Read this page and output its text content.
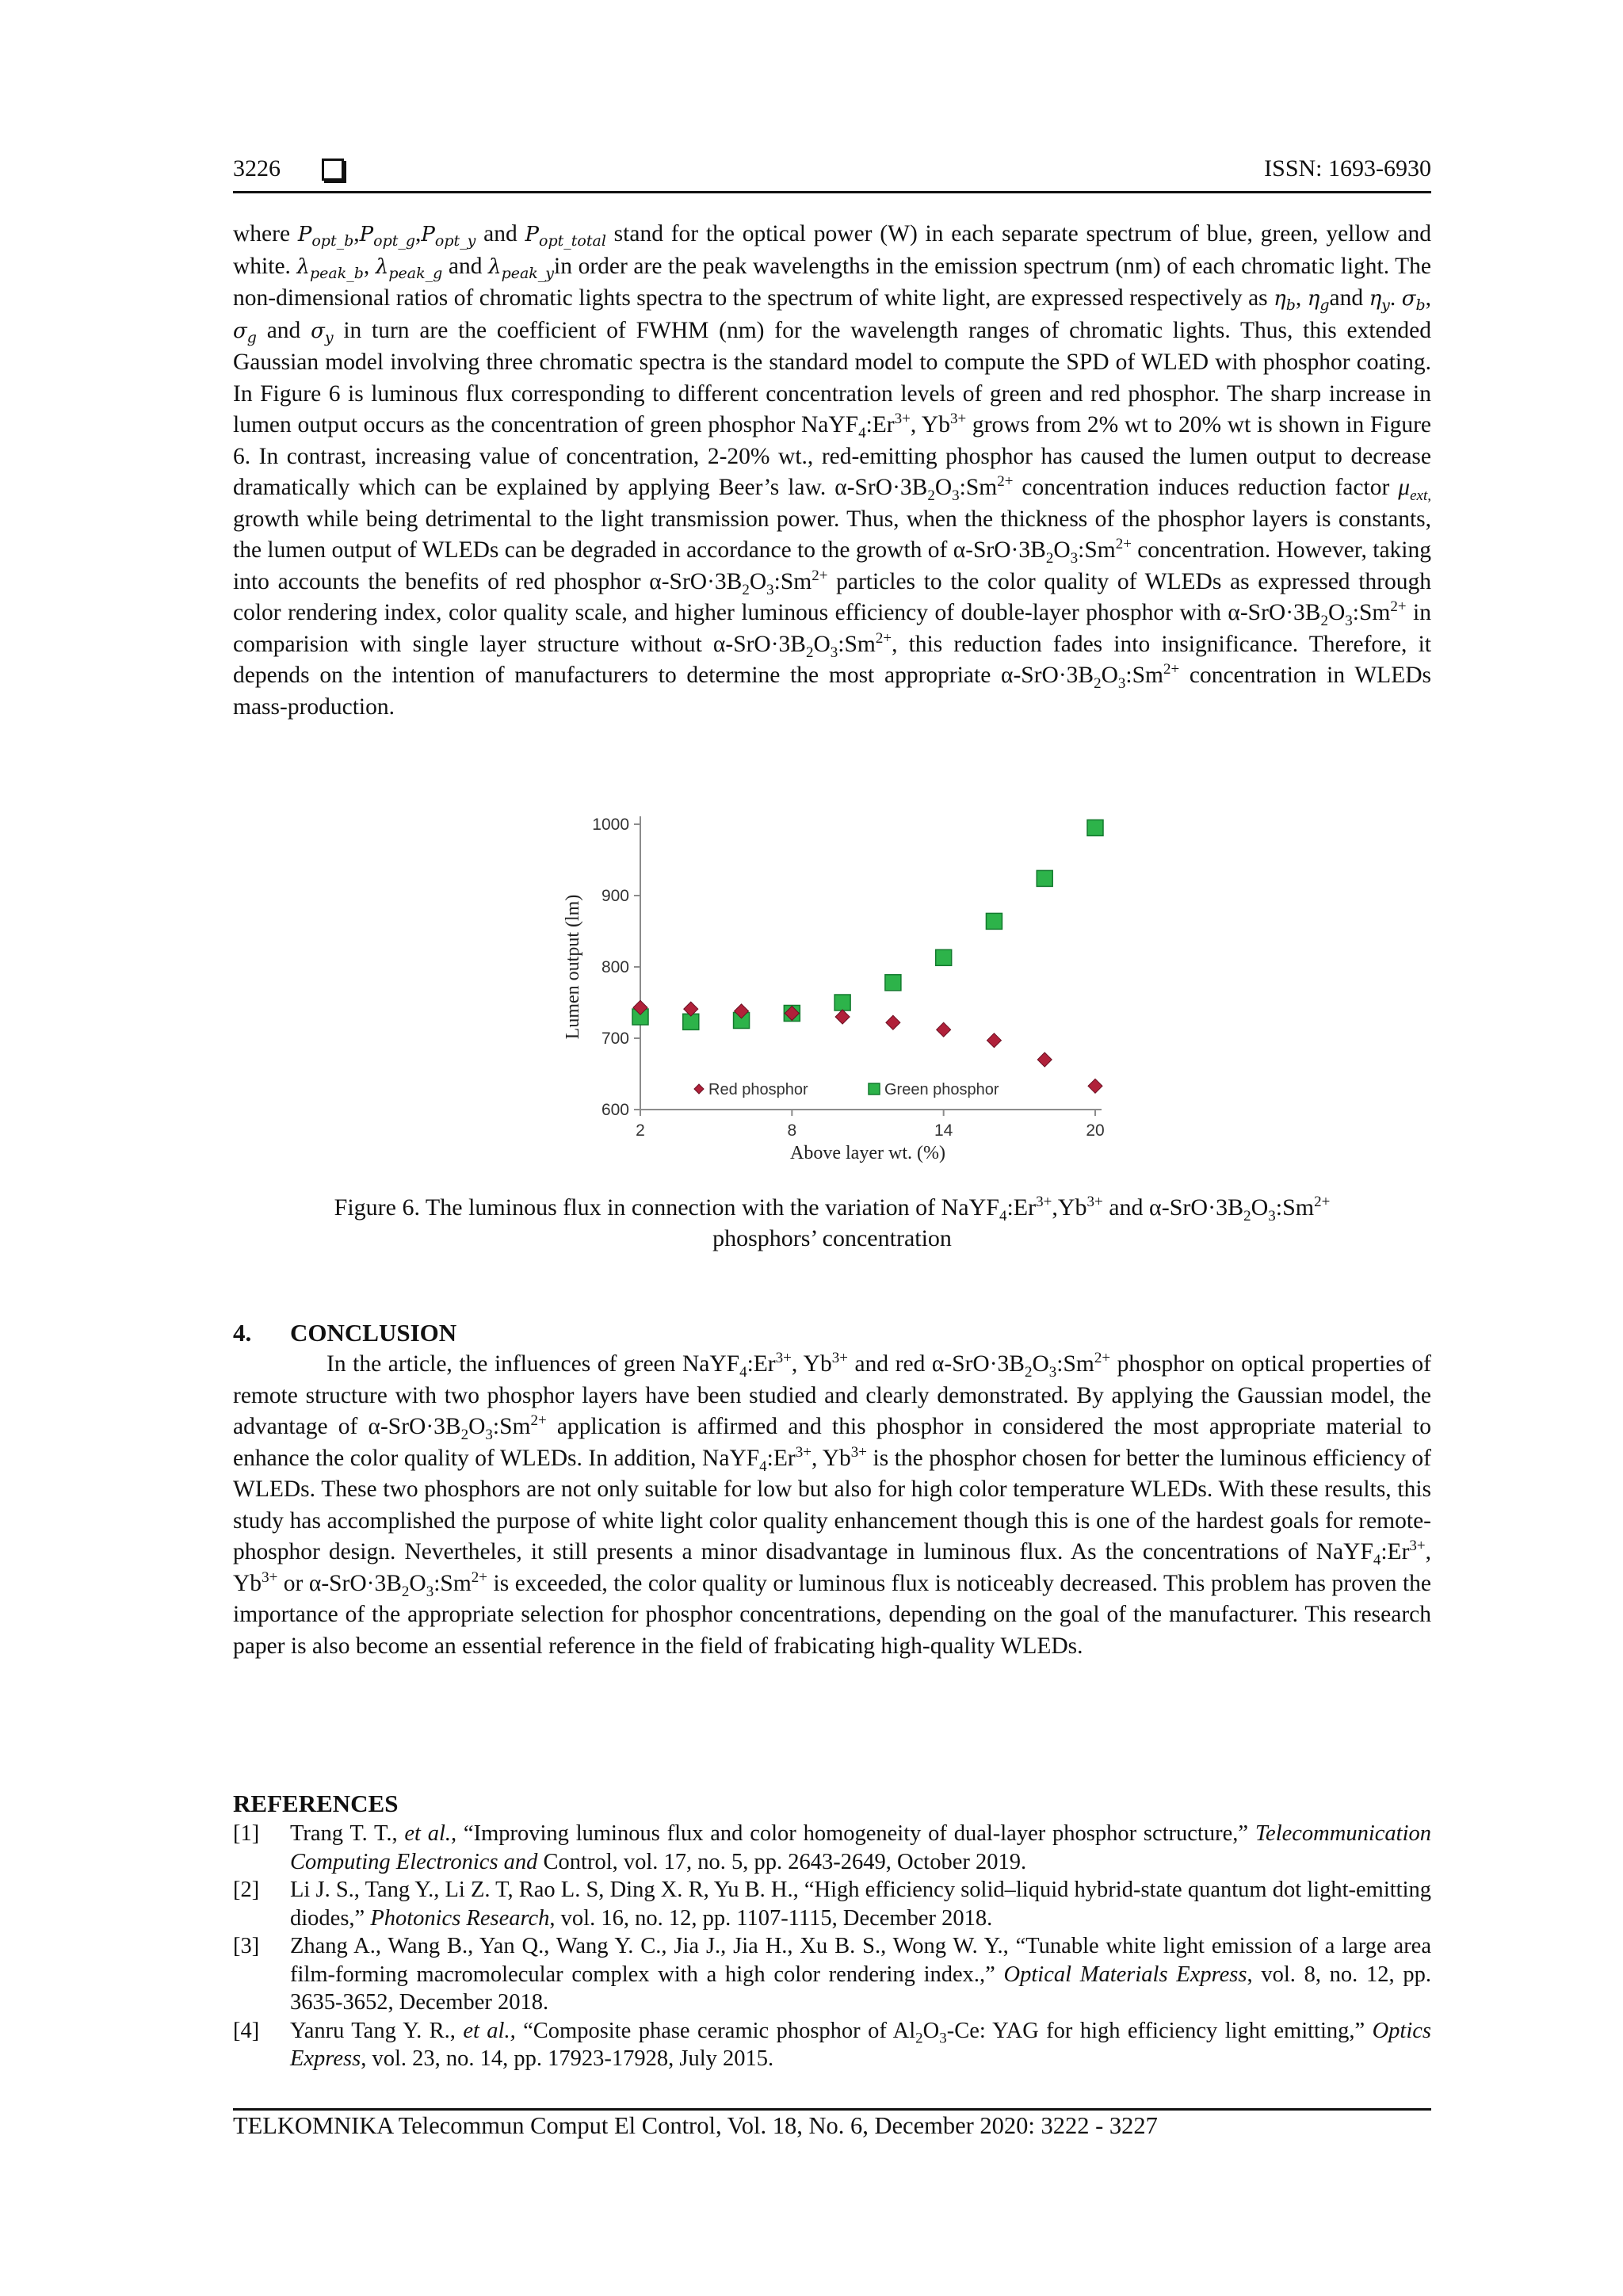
3226	ISSN: 1693-6930

where $P_{opt\_b},P_{opt\_g},P_{opt\_y}$ and $P_{opt\_total}$ stand for the optical power (W) in each separate spectrum of blue, green, yellow and white. $\lambda_{peak\_b}$, $\lambda_{peak\_g}$ and $\lambda_{peak\_y}in$ order are the peak wavelengths in the emission spectrum (nm) of each chromatic light. The non-dimensional ratios of chromatic lights spectra to the spectrum of white light, are expressed respectively as $\eta_b$, $\eta_gand$ $\eta_y$. $\sigma_b$, $\sigma_g$ and $\sigma_y$ in turn are the coefficient of FWHM (nm) for the wavelength ranges of chromatic lights. Thus, this extended Gaussian model involving three chromatic spectra is the standard model to compute the SPD of WLED with phosphor coating. In Figure 6 is luminous flux corresponding to different concentration levels of green and red phosphor. The sharp increase in lumen output occurs as the concentration of green phosphor $NaYF_4:Er^{3+}$, $Yb^{3+}$ grows from 2% wt to 20% wt is shown in Figure 6. In contrast, increasing value of concentration, 2-20% wt., red-emitting phosphor has caused the lumen output to decrease dramatically which can be explained by applying Beer’s law. $\alpha-SrO\cdot 3B_2O_3:Sm^{2+}$ concentration induces reduction factor $\mu_{ext,}$ growth while being detrimental to the light transmission power. Thus, when the thickness of the phosphor layers is constants, the lumen output of WLEDs can be degraded in accordance to the growth of $\alpha-SrO\cdot 3B_2O_3:Sm^{2+}$ concentration. However, taking into accounts the benefits of red phosphor $\alpha-SrO\cdot 3B_2O_3:Sm^{2+}$ particles to the color quality of WLEDs as expressed through color rendering index, color quality scale, and higher luminous efficiency of double-layer phosphor with $\alpha-SrO\cdot 3B_2O_3:Sm^{2+}$ in comparision with single layer structure without $\alpha-SrO\cdot 3B_2O_3:Sm^{2+}$, this reduction fades into insignificance. Therefore, it depends on the intention of manufacturers to determine the most appropriate $\alpha-SrO\cdot 3B_2O_3:Sm^{2+}$ concentration in WLEDs mass-production.

600
700
800
900
1000
2	8	14	20
Above layer wt. (%)
Lumen output (lm)
Red phosphor	Green phosphor
Figure 6. The luminous flux in connection with the variation of $NaYF_4:Er^{3+},Yb^{3+}$ and $\alpha-SrO\cdot 3B_2O_3:Sm^{2+}$
phosphors’ concentration
4. CONCLUSION

In the article, the influences of green $NaYF_4:Er^{3+}$, $Yb^{3+}$ and red $\alpha-SrO\cdot 3B_2O_3:Sm^{2+}$ phosphor on optical properties of remote structure with two phosphor layers have been studied and clearly demonstrated. By applying the Gaussian model, the advantage of $\alpha-SrO\cdot 3B_2O_3:Sm^{2+}$ application is affirmed and this phosphor in considered the most appropriate material to enhance the color quality of WLEDs. In addition, $NaYF_4:Er^{3+}$, $Yb^{3+}$ is the phosphor chosen for better the luminous efficiency of WLEDs. These two phosphors are not only suitable for low but also for high color temperature WLEDs. With these results, this study has accomplished the purpose of white light color quality enhancement though this is one of the hardest goals for remote-phosphor design. Nevertheles, it still presents a minor disadvantage in luminous flux. As the concentrations of $NaYF_4:Er^{3+}$, $Yb^{3+}$ or $\alpha-SrO\cdot 3B_2O_3:Sm^{2+}$ is exceeded, the color quality or luminous flux is noticeably decreased. This problem has proven the importance of the appropriate selection for phosphor concentrations, depending on the goal of the manufacturer. This research paper is also become an essential reference in the field of frabicating high-quality WLEDs.

REFERENCES
[1] Trang T. T., et al., “Improving luminous flux and color homogeneity of dual-layer phosphor sctructure,” Telecommunication Computing Electronics and Control, vol. 17, no. 5, pp. 2643-2649, October 2019.
[2] Li J. S., Tang Y., Li Z. T, Rao L. S, Ding X. R, Yu B. H., “High efficiency solid–liquid hybrid-state quantum dot light-emitting diodes,” Photonics Research, vol. 16, no. 12, pp. 1107-1115, December 2018.
[3] Zhang A., Wang B., Yan Q., Wang Y. C., Jia J., Jia H., Xu B. S., Wong W. Y., “Tunable white light emission of a large area film-forming macromolecular complex with a high color rendering index.,” Optical Materials Express, vol. 8, no. 12, pp. 3635-3652, December 2018.
[4] Yanru Tang Y. R., et al., “Composite phase ceramic phosphor of $Al_2O_3-Ce$: YAG for high efficiency light emitting,” Optics Express, vol. 23, no. 14, pp. 17923-17928, July 2015.
TELKOMNIKA Telecommun Comput El Control, Vol. 18, No. 6, December 2020: 3222 - 3227
